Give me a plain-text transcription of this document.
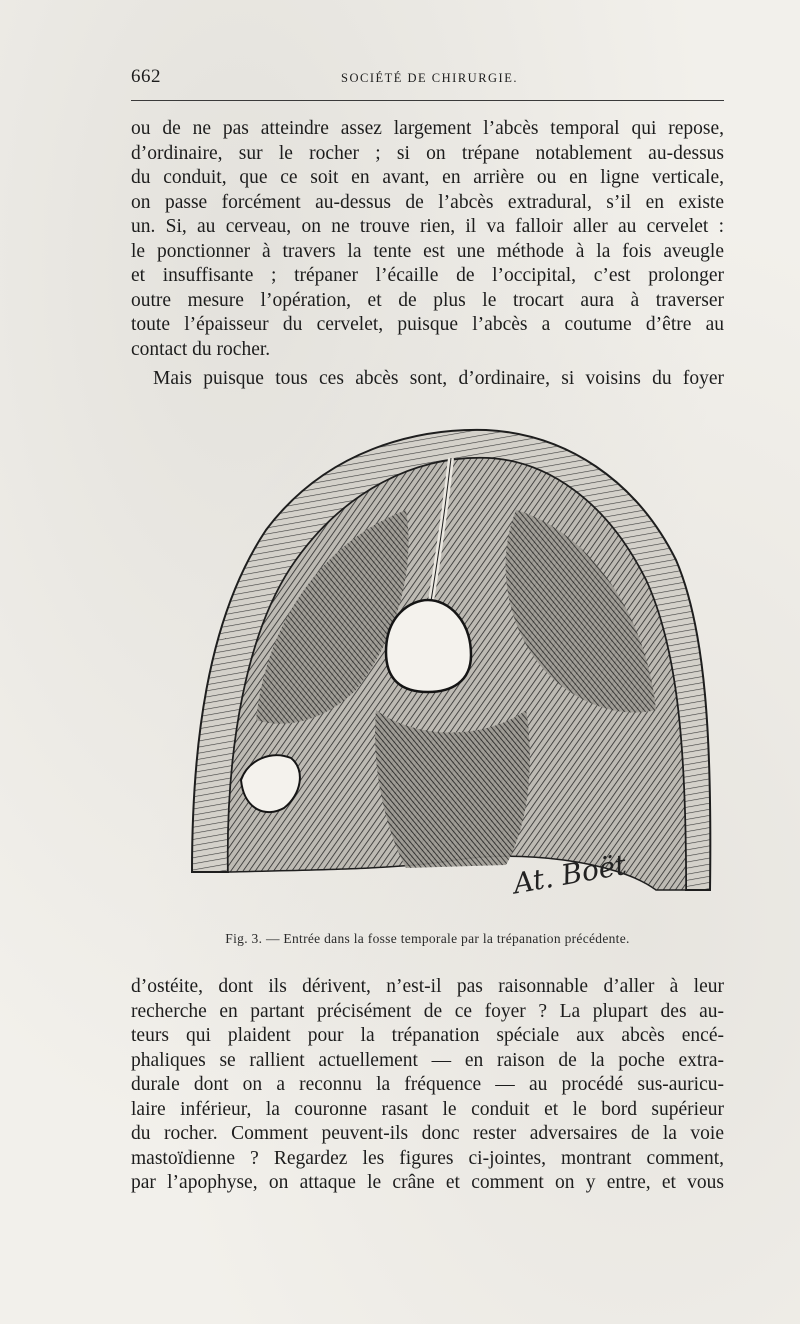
662	SOCIÉTÉ DE CHIRURGIE.

ou de ne pas atteindre assez largement l’abcès temporal qui repose,
d’ordinaire, sur le rocher ; si on trépane notablement au-dessus
du conduit, que ce soit en avant, en arrière ou en ligne verticale,
on passe forcément au-dessus de l’abcès extradural, s’il en existe
un. Si, au cerveau, on ne trouve rien, il va falloir aller au cervelet :
le ponctionner à travers la tente est une méthode à la fois aveugle
et insuffisante ; trépaner l’écaille de l’occipital, c’est prolonger
outre mesure l’opération, et de plus le trocart aura à traverser
toute l’épaisseur du cervelet, puisque l’abcès a coutume d’être au
contact du rocher.

Mais puisque tous ces abcès sont, d’ordinaire, si voisins du foyer

At. Boët
Fig. 3. — Entrée dans la fosse temporale par la trépanation précédente.

d’ostéite, dont ils dérivent, n’est-il pas raisonnable d’aller à leur
recherche en partant précisément de ce foyer ? La plupart des au-
teurs qui plaident pour la trépanation spéciale aux abcès encé-
phaliques se rallient actuellement — en raison de la poche extra-
durale dont on a reconnu la fréquence — au procédé sus-auricu-
laire inférieur, la couronne rasant le conduit et le bord supérieur
du rocher. Comment peuvent-ils donc rester adversaires de la voie
mastoïdienne ? Regardez les figures ci-jointes, montrant comment,
par l’apophyse, on attaque le crâne et comment on y entre, et vous
